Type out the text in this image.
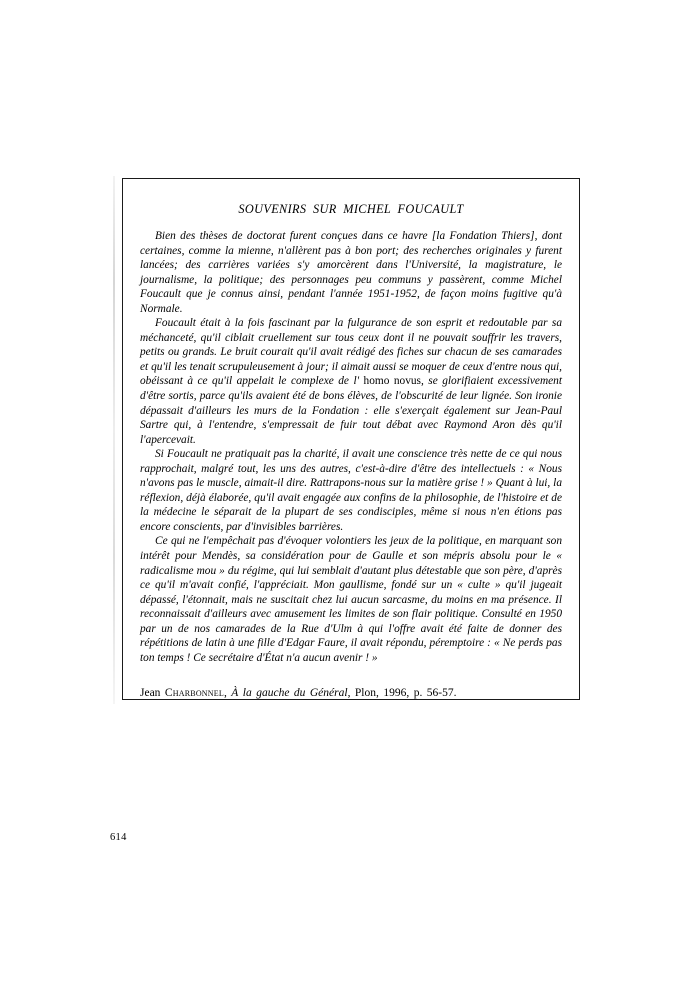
SOUVENIRS SUR MICHEL FOUCAULT

Bien des thèses de doctorat furent conçues dans ce havre [la Fondation Thiers], dont certaines, comme la mienne, n'allèrent pas à bon port; des recherches originales y furent lancées; des carrières variées s'y amorcèrent dans l'Université, la magistrature, le journalisme, la politique; des personnages peu communs y passèrent, comme Michel Foucault que je connus ainsi, pendant l'année 1951-1952, de façon moins fugitive qu'à Normale.

Foucault était à la fois fascinant par la fulgurance de son esprit et redoutable par sa méchanceté, qu'il ciblait cruellement sur tous ceux dont il ne pouvait souffrir les travers, petits ou grands. Le bruit courait qu'il avait rédigé des fiches sur chacun de ses camarades et qu'il les tenait scrupuleusement à jour; il aimait aussi se moquer de ceux d'entre nous qui, obéissant à ce qu'il appelait le complexe de l' homo novus, se glorifiaient excessivement d'être sortis, parce qu'ils avaient été de bons élèves, de l'obscurité de leur lignée. Son ironie dépassait d'ailleurs les murs de la Fondation : elle s'exerçait également sur Jean-Paul Sartre qui, à l'entendre, s'empressait de fuir tout débat avec Raymond Aron dès qu'il l'apercevait.

Si Foucault ne pratiquait pas la charité, il avait une conscience très nette de ce qui nous rapprochait, malgré tout, les uns des autres, c'est-à-dire d'être des intellectuels : « Nous n'avons pas le muscle, aimait-il dire. Rattrapons-nous sur la matière grise ! » Quant à lui, la réflexion, déjà élaborée, qu'il avait engagée aux confins de la philosophie, de l'histoire et de la médecine le séparait de la plupart de ses condisciples, même si nous n'en étions pas encore conscients, par d'invisibles barrières.

Ce qui ne l'empêchait pas d'évoquer volontiers les jeux de la politique, en marquant son intérêt pour Mendès, sa considération pour de Gaulle et son mépris absolu pour le « radicalisme mou » du régime, qui lui semblait d'autant plus détestable que son père, d'après ce qu'il m'avait confié, l'appréciait. Mon gaullisme, fondé sur un « culte » qu'il jugeait dépassé, l'étonnait, mais ne suscitait chez lui aucun sarcasme, du moins en ma présence. Il reconnaissait d'ailleurs avec amusement les limites de son flair politique. Consulté en 1950 par un de nos camarades de la Rue d'Ulm à qui l'offre avait été faite de donner des répétitions de latin à une fille d'Edgar Faure, il avait répondu, péremptoire : « Ne perds pas ton temps ! Ce secrétaire d'État n'a aucun avenir ! »

Jean Charbonnel, À la gauche du Général, Plon, 1996, p. 56-57.
614
